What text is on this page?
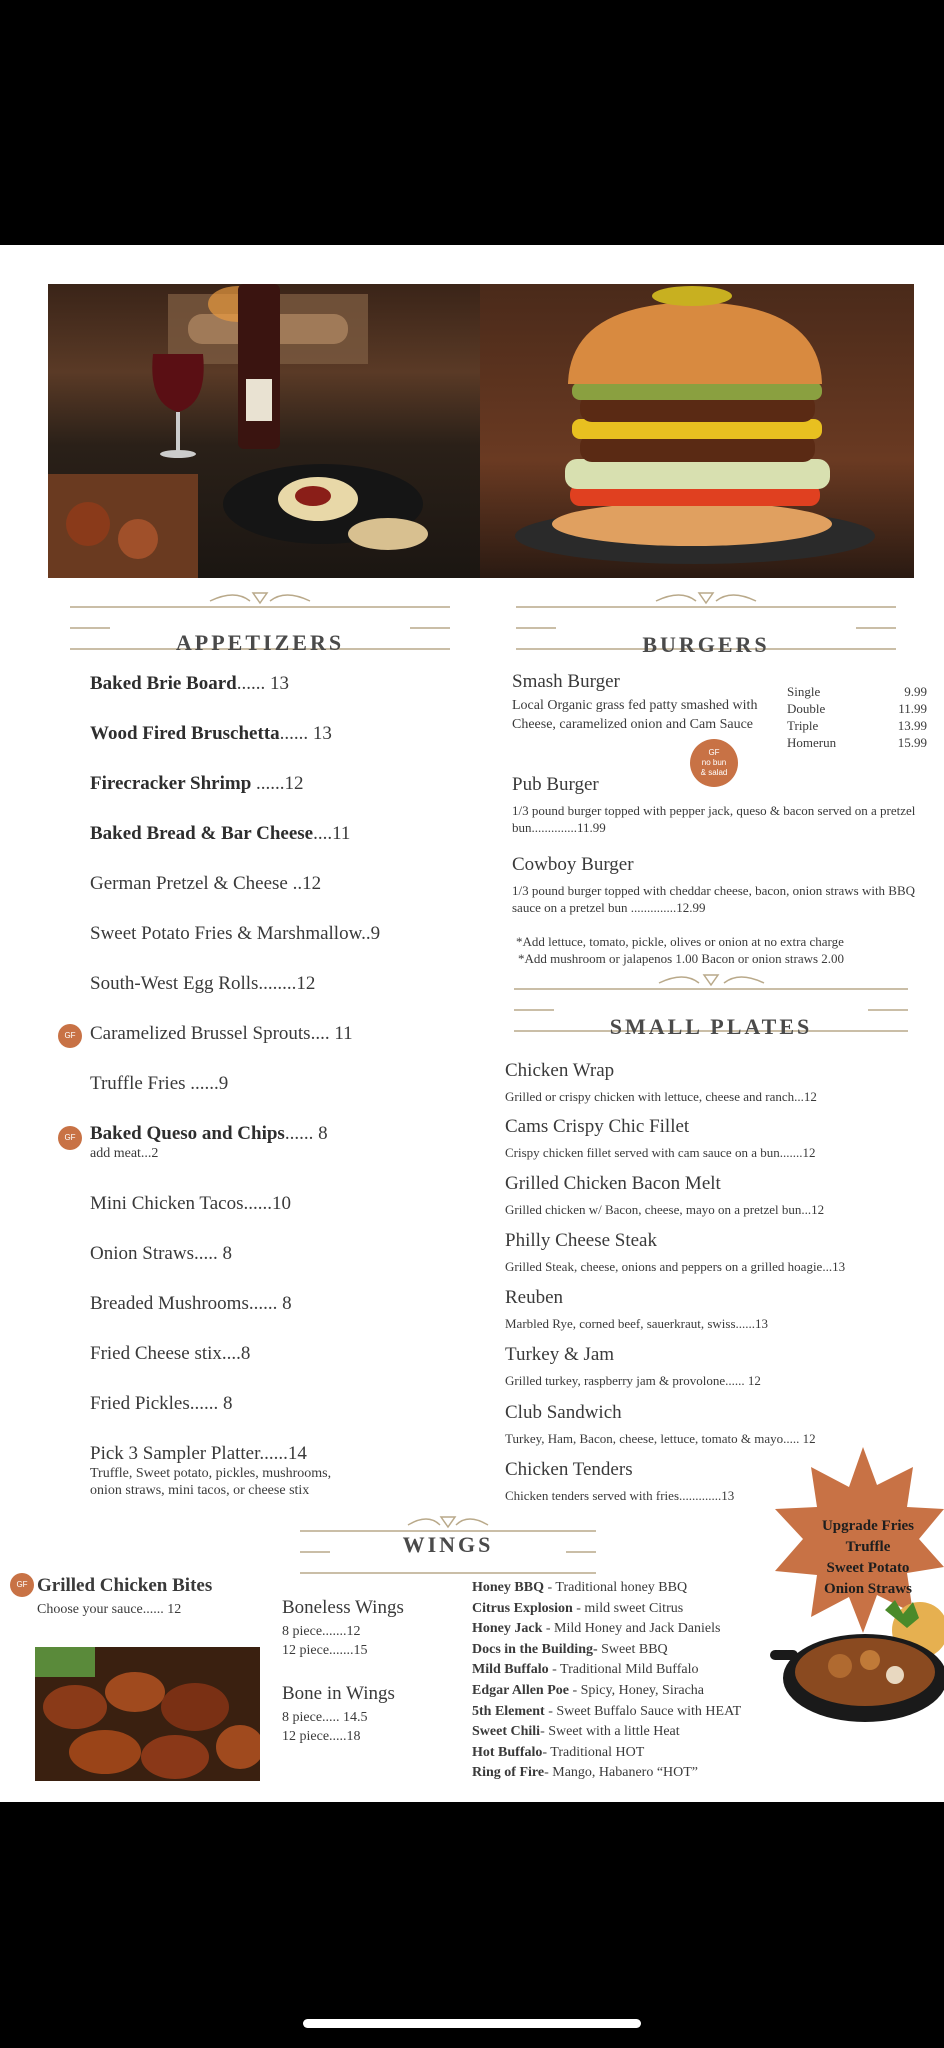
APPETIZERS
Baked Brie Board...... 13
Wood Fired Bruschetta...... 13
Firecracker Shrimp ......12
Baked Bread & Bar Cheese....11
German Pretzel & Cheese ..12
Sweet Potato Fries & Marshmallow..9
South-West Egg Rolls........12
Caramelized Brussel Sprouts.... 11
Truffle Fries ......9
Baked Queso and Chips...... 8
add meat...2
Mini Chicken Tacos......10
Onion Straws..... 8
Breaded Mushrooms...... 8
Fried Cheese stix....8
Fried Pickles...... 8
Pick 3 Sampler Platter......14
Truffle, Sweet potato, pickles, mushrooms,
onion straws, mini tacos, or cheese stix
GF
GF
BURGERS
Smash Burger
Local Organic grass fed patty smashed with Cheese, caramelized onion and Cam Sauce
Single	9.99
Double	11.99
Triple	13.99
Homerun	15.99
GF
no bun
& salad
Pub Burger
1/3 pound burger topped with pepper jack, queso & bacon served on a pretzel bun..............11.99
Cowboy Burger
1/3 pound burger topped with cheddar cheese, bacon, onion straws with BBQ sauce on a pretzel bun ..............12.99
*Add lettuce, tomato, pickle, olives or onion at no extra charge
*Add mushroom or jalapenos 1.00 Bacon or onion straws 2.00
SMALL PLATES
Chicken Wrap
Grilled or crispy chicken with lettuce, cheese and ranch...12
Cams Crispy Chic Fillet
Crispy chicken fillet served with cam sauce on a bun.......12
Grilled Chicken Bacon Melt
Grilled chicken w/ Bacon, cheese, mayo on a pretzel bun...12
Philly Cheese Steak
Grilled Steak, cheese, onions and peppers on a grilled hoagie...13
Reuben
Marbled Rye, corned beef, sauerkraut, swiss......13
Turkey & Jam
Grilled turkey, raspberry jam & provolone...... 12
Club Sandwich
Turkey, Ham, Bacon, cheese, lettuce, tomato & mayo..... 12
Chicken Tenders
Chicken tenders served with fries.............13
Upgrade Fries
Truffle
Sweet Potato
Onion Straws
WINGS
GF Grilled Chicken Bites
Choose your sauce...... 12	Boneless Wings
8 piece.......12
12 piece.......15
Bone in Wings
8 piece..... 14.5
12 piece.....18
Honey BBQ - Traditional honey BBQ
Citrus Explosion - mild sweet Citrus
Honey Jack - Mild Honey and Jack Daniels
Docs in the Building- Sweet BBQ
Mild Buffalo - Traditional Mild Buffalo
Edgar Allen Poe - Spicy, Honey, Siracha
5th Element - Sweet Buffalo Sauce with HEAT
Sweet Chili- Sweet with a little Heat
Hot Buffalo- Traditional HOT
Ring of Fire- Mango, Habanero “HOT”
